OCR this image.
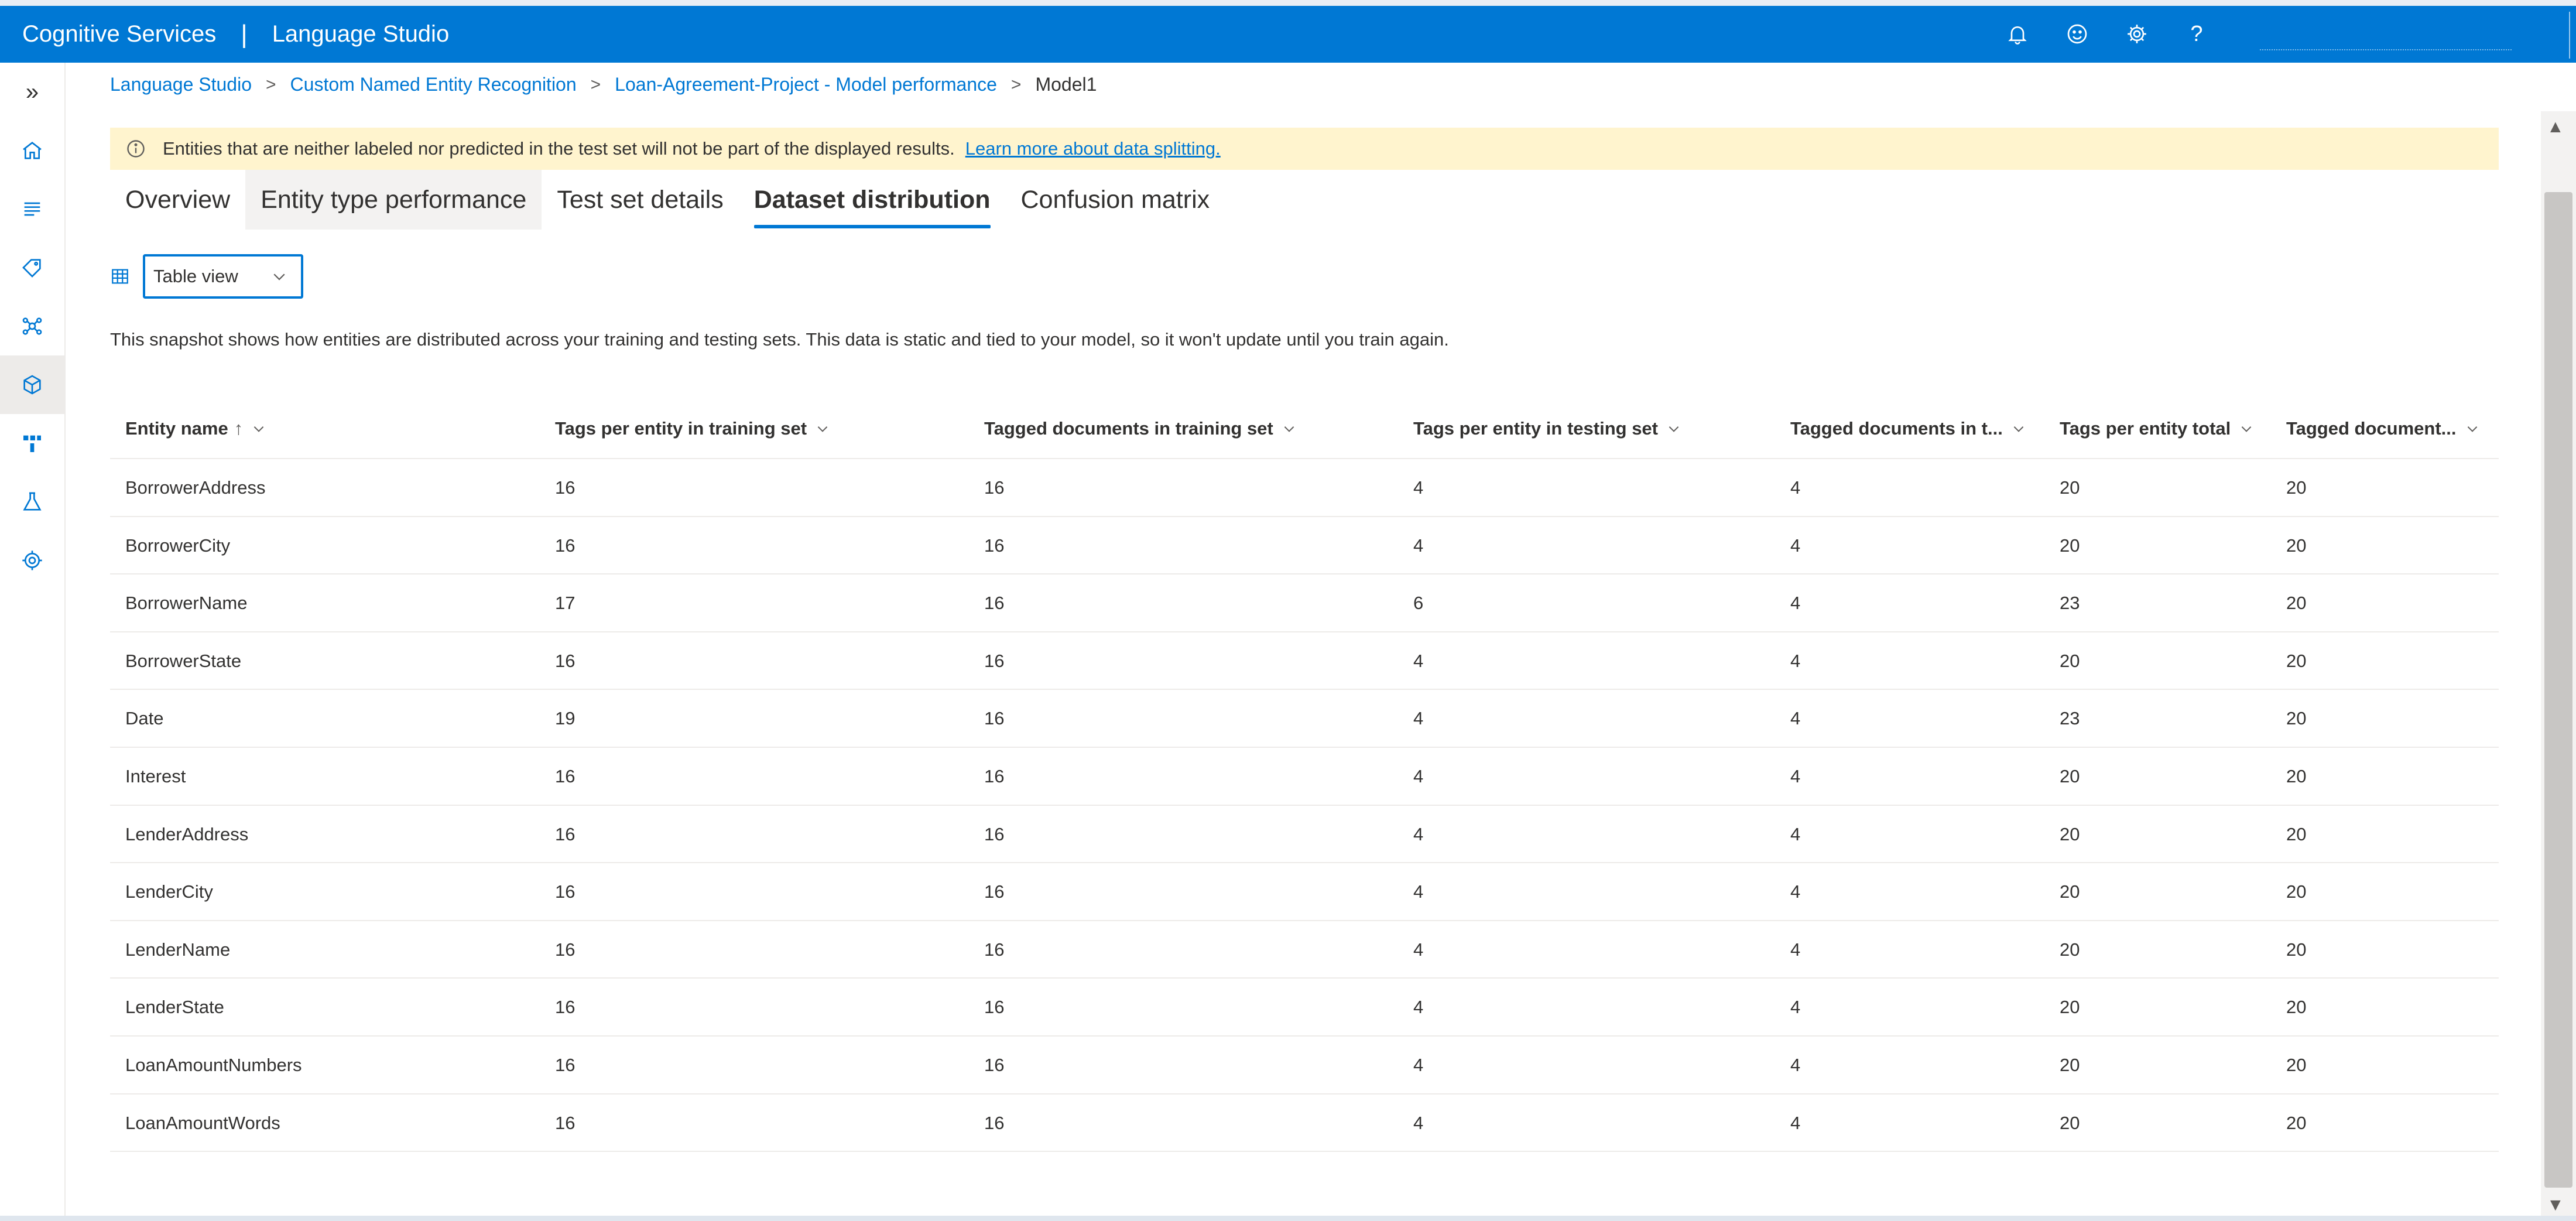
Cognitive Services | Language Studio	?
»	Language Studio > Custom Named Entity Recognition > Loan-Agreement-Project - Model performance > Model1
Entities that are neither labeled nor predicted in the test set will not be part of the displayed results. Learn more about data splitting.
Overview	Entity type performance	Test set details	Dataset distribution	Confusion matrix
Table view
This snapshot shows how entities are distributed across your training and testing sets. This data is static and tied to your model, so it won't update until you train again.
Entity name ↑	Tags per entity in training set	Tagged documents in training set	Tags per entity in testing set	Tagged documents in t...	Tags per entity total	Tagged document...
BorrowerAddress	16	16	4	4	20	20
BorrowerCity	16	16	4	4	20	20
BorrowerName	17	16	6	4	23	20
BorrowerState	16	16	4	4	20	20
Date	19	16	4	4	23	20
Interest	16	16	4	4	20	20
LenderAddress	16	16	4	4	20	20
LenderCity	16	16	4	4	20	20
LenderName	16	16	4	4	20	20
LenderState	16	16	4	4	20	20
LoanAmountNumbers	16	16	4	4	20	20
LoanAmountWords	16	16	4	4	20	20
▲
▼
